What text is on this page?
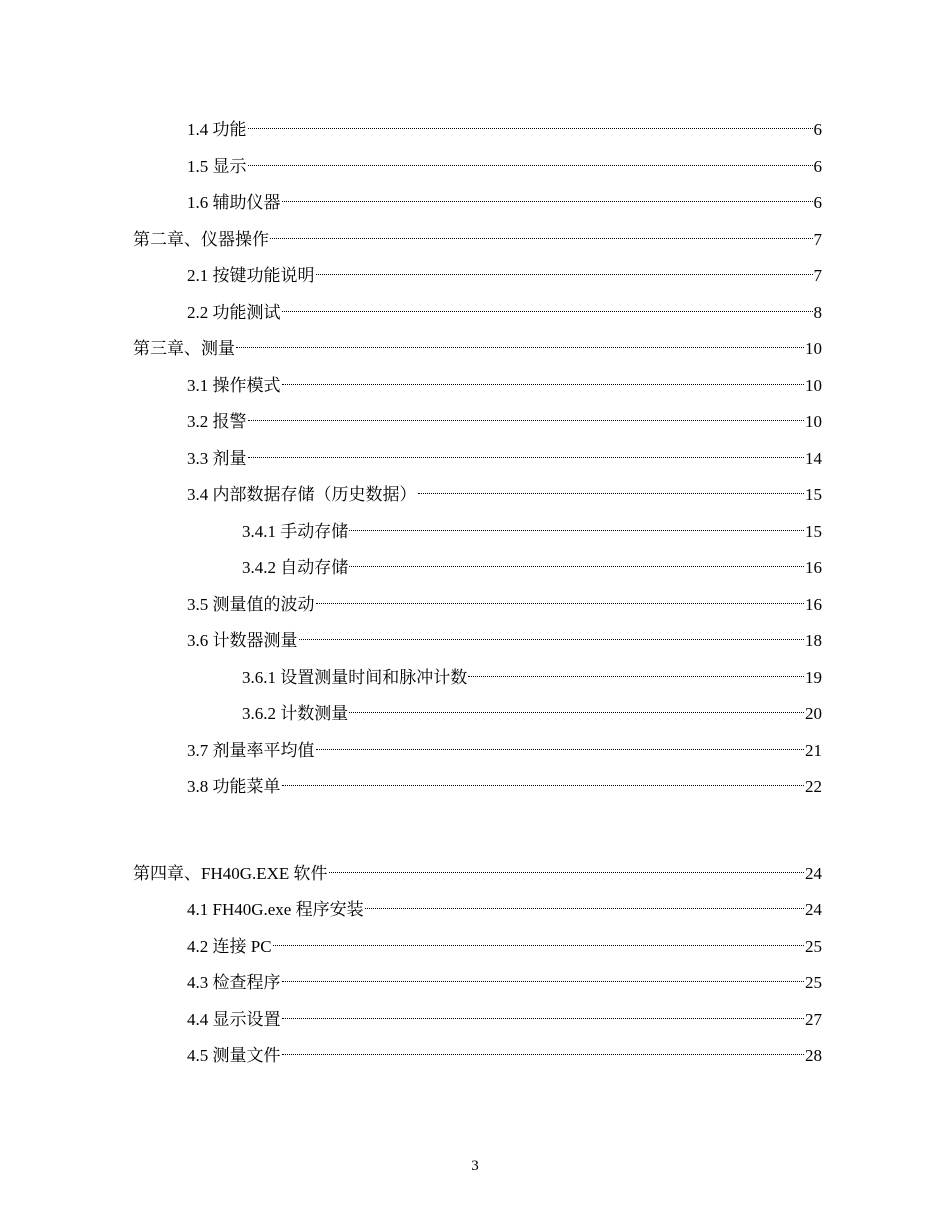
1.4 功能	6
1.5 显示	6
1.6 辅助仪器	6
第二章、仪器操作	7
2.1 按键功能说明	7
2.2 功能测试	8
第三章、测量	10
3.1 操作模式	10
3.2 报警	10
3.3 剂量	14
3.4 内部数据存储（历史数据）	15
3.4.1 手动存储	15
3.4.2 自动存储	16
3.5 测量值的波动	16
3.6 计数器测量	18
3.6.1 设置测量时间和脉冲计数	19
3.6.2 计数测量	20
3.7 剂量率平均值	21
3.8 功能菜单	22
第四章、FH40G.EXE 软件	24
4.1 FH40G.exe 程序安装	24
4.2 连接 PC	25
4.3 检查程序	25
4.4 显示设置	27
4.5 测量文件	28
3
